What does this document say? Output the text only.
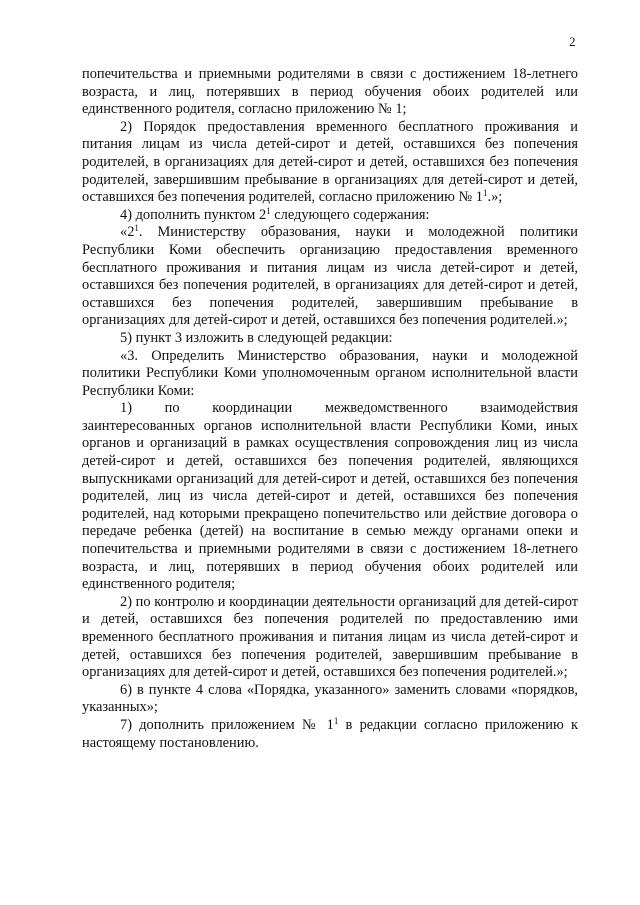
2

попечительства и приемными родителями в связи с достижением 18-летнего возраста, и лиц, потерявших в период обучения обоих родителей или единственного родителя, согласно приложению № 1;

2) Порядок предоставления временного бесплатного проживания и питания лицам из числа детей-сирот и детей, оставшихся без попечения родителей, в организациях для детей-сирот и детей, оставшихся без попечения родителей, завершившим пребывание в организациях для детей-сирот и детей, оставшихся без попечения родителей, согласно приложению № $1^1$.»;

4) дополнить пунктом $2^1$ следующего содержания:

«$2^1$. Министерству образования, науки и молодежной политики Республики Коми обеспечить организацию предоставления временного бесплатного проживания и питания лицам из числа детей-сирот и детей, оставшихся без попечения родителей, в организациях для детей-сирот и детей, оставшихся без попечения родителей, завершившим пребывание в организациях для детей-сирот и детей, оставшихся без попечения родителей.»;

5) пункт 3 изложить в следующей редакции:

«3. Определить Министерство образования, науки и молодежной политики Республики Коми уполномоченным органом исполнительной власти Республики Коми:

1) по координации межведомственного взаимодействия заинтересованных органов исполнительной власти Республики Коми, иных органов и организаций в рамках осуществления сопровождения лиц из числа детей-сирот и детей, оставшихся без попечения родителей, являющихся выпускниками организаций для детей-сирот и детей, оставшихся без попечения родителей, лиц из числа детей-сирот и детей, оставшихся без попечения родителей, над которыми прекращено попечительство или действие договора о передаче ребенка (детей) на воспитание в семью между органами опеки и попечительства и приемными родителями в связи с достижением 18-летнего возраста, и лиц, потерявших в период обучения обоих родителей или единственного родителя;

2) по контролю и координации деятельности организаций для детей-сирот и детей, оставшихся без попечения родителей по предоставлению ими временного бесплатного проживания и питания лицам из числа детей-сирот и детей, оставшихся без попечения родителей, завершившим пребывание в организациях для детей-сирот и детей, оставшихся без попечения родителей.»;

6) в пункте 4 слова «Порядка, указанного» заменить словами «порядков, указанных»;

7) дополнить приложением № $1^1$ в редакции согласно приложению к настоящему постановлению.
